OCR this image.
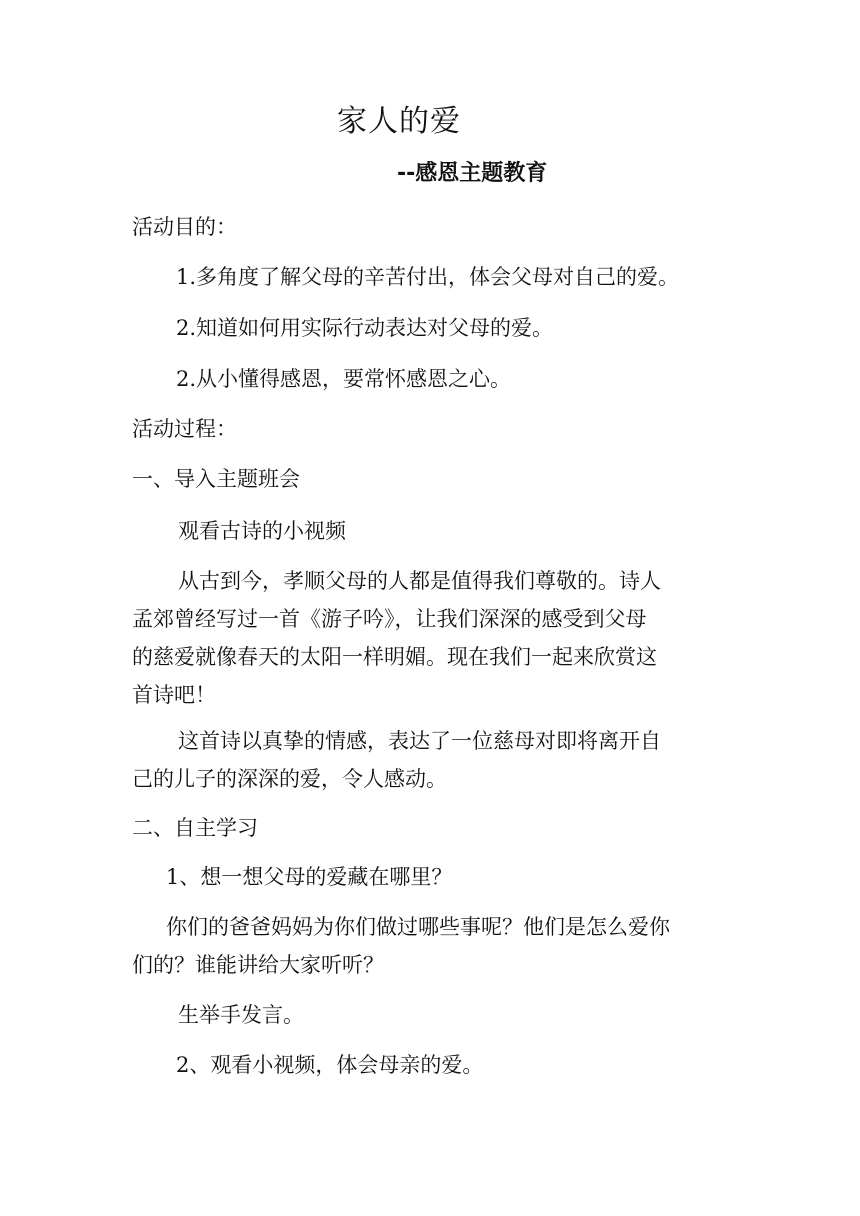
家人的爱
--感恩主题教育
活动目的：
1.多角度了解父母的辛苦付出，体会父母对自己的爱。
2.知道如何用实际行动表达对父母的爱。
2.从小懂得感恩，要常怀感恩之心。
活动过程：
一、导入主题班会
观看古诗的小视频

从古到今，孝顺父母的人都是值得我们尊敬的。诗人

孟郊曾经写过一首《游子吟》，让我们深深的感受到父母

的慈爱就像春天的太阳一样明媚。现在我们一起来欣赏这

首诗吧！

这首诗以真挚的情感，表达了一位慈母对即将离开自

己的儿子的深深的爱，令人感动。

二、自主学习
1、想一想父母的爱藏在哪里？

你们的爸爸妈妈为你们做过哪些事呢？他们是怎么爱你

们的？谁能讲给大家听听？

生举手发言。
2、观看小视频，体会母亲的爱。
